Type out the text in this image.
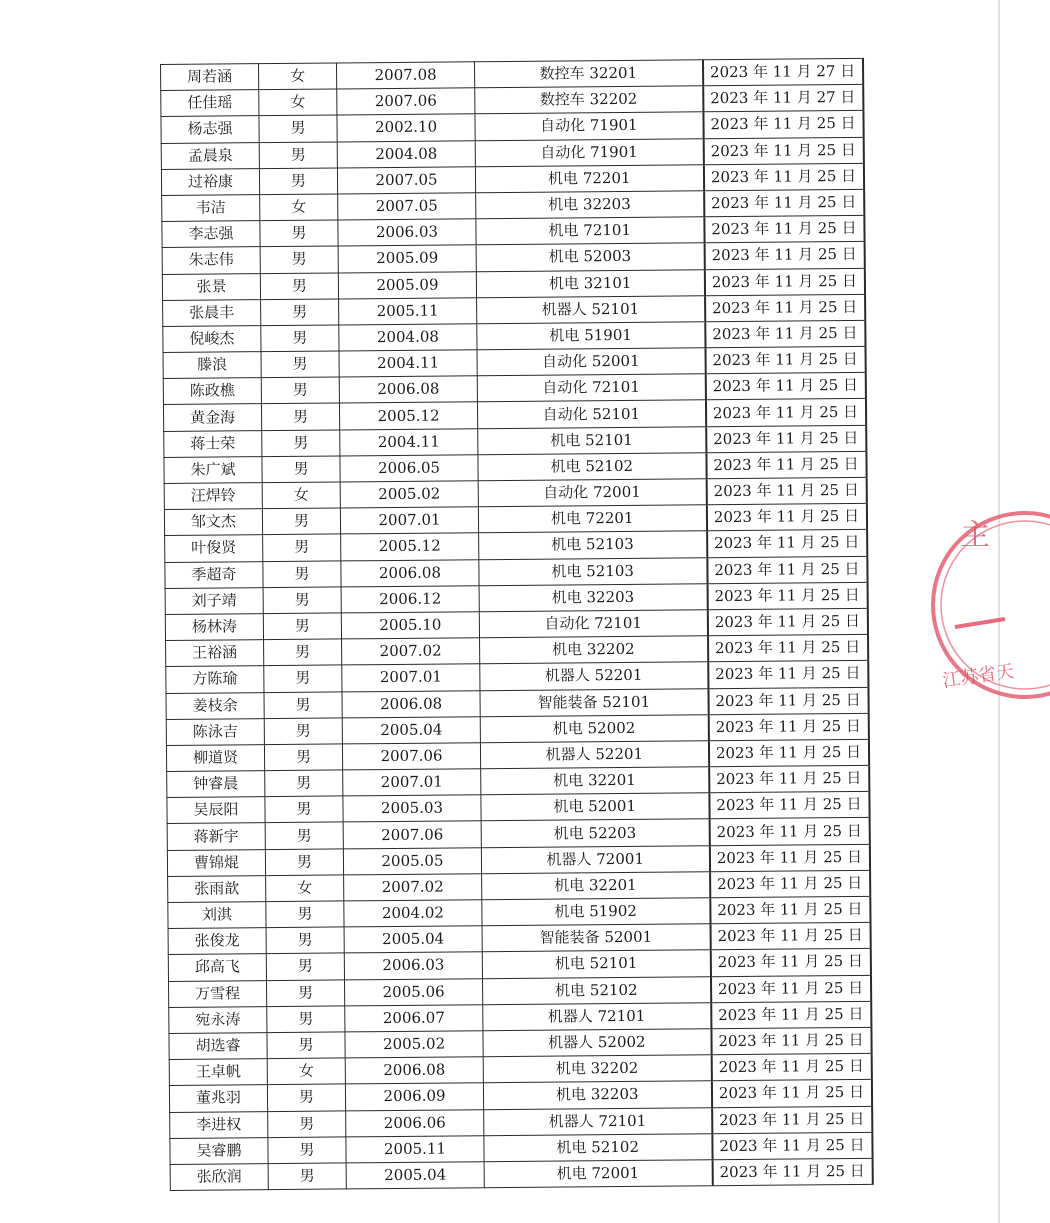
周若涵	女	2007.08	数控车 32201	2023 年 11 月 27 日
任佳瑶	女	2007.06	数控车 32202	2023 年 11 月 27 日
杨志强	男	2002.10	自动化 71901	2023 年 11 月 25 日
孟晨泉	男	2004.08	自动化 71901	2023 年 11 月 25 日
过裕康	男	2007.05	机电 72201	2023 年 11 月 25 日
韦洁	女	2007.05	机电 32203	2023 年 11 月 25 日
李志强	男	2006.03	机电 72101	2023 年 11 月 25 日
朱志伟	男	2005.09	机电 52003	2023 年 11 月 25 日
张景	男	2005.09	机电 32101	2023 年 11 月 25 日
张晨丰	男	2005.11	机器人 52101	2023 年 11 月 25 日
倪峻杰	男	2004.08	机电 51901	2023 年 11 月 25 日
滕浪	男	2004.11	自动化 52001	2023 年 11 月 25 日
陈政樵	男	2006.08	自动化 72101	2023 年 11 月 25 日
黄金海	男	2005.12	自动化 52101	2023 年 11 月 25 日
蒋士荣	男	2004.11	机电 52101	2023 年 11 月 25 日
朱广斌	男	2006.05	机电 52102	2023 年 11 月 25 日
汪焊铃	女	2005.02	自动化 72001	2023 年 11 月 25 日
邹文杰	男	2007.01	机电 72201	2023 年 11 月 25 日
叶俊贤	男	2005.12	机电 52103	2023 年 11 月 25 日
季超奇	男	2006.08	机电 52103	2023 年 11 月 25 日
刘子靖	男	2006.12	机电 32203	2023 年 11 月 25 日
杨林涛	男	2005.10	自动化 72101	2023 年 11 月 25 日
王裕涵	男	2007.02	机电 32202	2023 年 11 月 25 日
方陈瑜	男	2007.01	机器人 52201	2023 年 11 月 25 日
姜枝余	男	2006.08	智能装备 52101	2023 年 11 月 25 日
陈泳吉	男	2005.04	机电 52002	2023 年 11 月 25 日
柳道贤	男	2007.06	机器人 52201	2023 年 11 月 25 日
钟睿晨	男	2007.01	机电 32201	2023 年 11 月 25 日
吴辰阳	男	2005.03	机电 52001	2023 年 11 月 25 日
蒋新宇	男	2007.06	机电 52203	2023 年 11 月 25 日
曹锦焜	男	2005.05	机器人 72001	2023 年 11 月 25 日
张雨歆	女	2007.02	机电 32201	2023 年 11 月 25 日
刘淇	男	2004.02	机电 51902	2023 年 11 月 25 日
张俊龙	男	2005.04	智能装备 52001	2023 年 11 月 25 日
邱高飞	男	2006.03	机电 52101	2023 年 11 月 25 日
万雪程	男	2005.06	机电 52102	2023 年 11 月 25 日
宛永涛	男	2006.07	机器人 72101	2023 年 11 月 25 日
胡选睿	男	2005.02	机器人 52002	2023 年 11 月 25 日
王卓帆	女	2006.08	机电 32202	2023 年 11 月 25 日
董兆羽	男	2006.09	机电 32203	2023 年 11 月 25 日
李进权	男	2006.06	机器人 72101	2023 年 11 月 25 日
吴睿鹏	男	2005.11	机电 52102	2023 年 11 月 25 日
张欣润	男	2005.04	机电 72001	2023 年 11 月 25 日
主
江苏省天
